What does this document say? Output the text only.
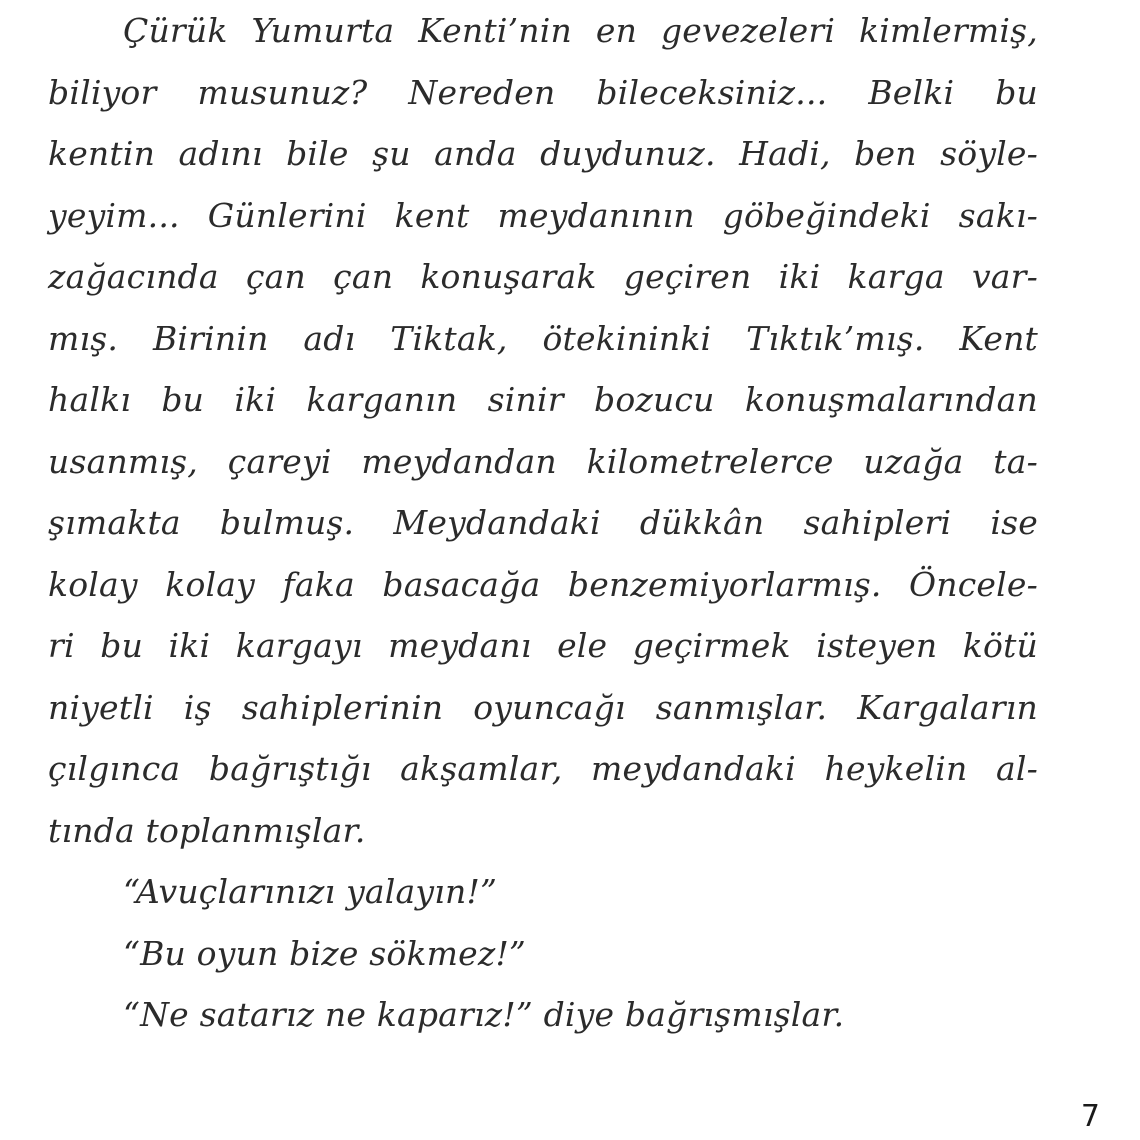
Çürük Yumurta Kenti’nin en gevezeleri kimlermiş,
biliyor musunuz? Nereden bileceksiniz... Belki bu
kentin adını bile şu anda duydunuz. Hadi, ben söyle-
yeyim... Günlerini kent meydanının göbeğindeki sakı-
zağacında çan çan konuşarak geçiren iki karga var-
mış. Birinin adı Tiktak, ötekininki Tıktık’mış. Kent
halkı bu iki karganın sinir bozucu konuşmalarından
usanmış, çareyi meydandan kilometrelerce uzağa ta-
şımakta bulmuş. Meydandaki dükkân sahipleri ise
kolay kolay faka basacağa benzemiyorlarmış. Öncele-
ri bu iki kargayı meydanı ele geçirmek isteyen kötü
niyetli iş sahiplerinin oyuncağı sanmışlar. Kargaların
çılgınca bağrıştığı akşamlar, meydandaki heykelin al-
tında toplanmışlar.
“Avuçlarınızı yalayın!”
“Bu oyun bize sökmez!”
“Ne satarız ne kaparız!” diye bağrışmışlar.
7
